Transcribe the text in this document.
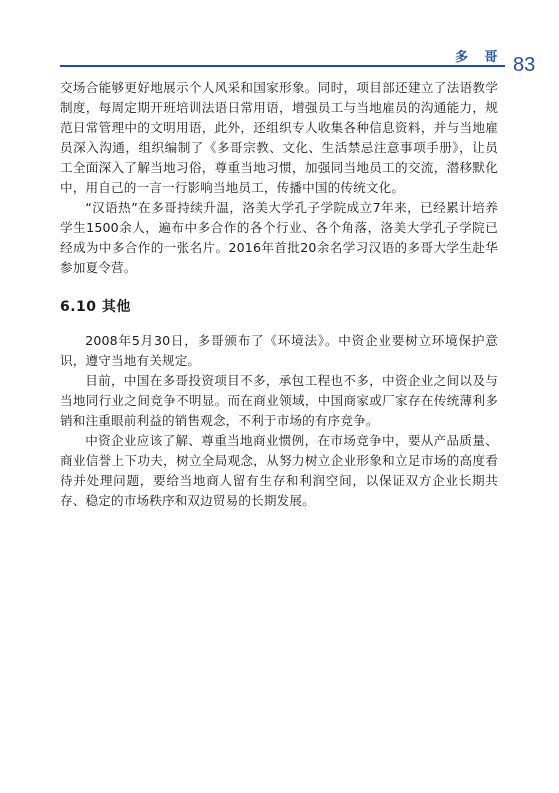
多 哥 83

交场合能够更好地展示个人风采和国家形象。同时，项目部还建立了法语教学制度，每周定期开班培训法语日常用语，增强员工与当地雇员的沟通能力，规范日常管理中的文明用语，此外，还组织专人收集各种信息资料，并与当地雇员深入沟通，组织编制了《多哥宗教、文化、生活禁忌注意事项手册》，让员工全面深入了解当地习俗，尊重当地习惯，加强同当地员工的交流，潜移默化中，用自己的一言一行影响当地员工，传播中国的传统文化。

“汉语热”在多哥持续升温，洛美大学孔子学院成立7年来，已经累计培养学生1500余人，遍布中多合作的各个行业、各个角落，洛美大学孔子学院已经成为中多合作的一张名片。2016年首批20余名学习汉语的多哥大学生赴华参加夏令营。

6.10 其他

2008年5月30日，多哥颁布了《环境法》。中资企业要树立环境保护意识，遵守当地有关规定。

目前，中国在多哥投资项目不多，承包工程也不多，中资企业之间以及与当地同行业之间竞争不明显。而在商业领域，中国商家或厂家存在传统薄利多销和注重眼前利益的销售观念，不利于市场的有序竞争。

中资企业应该了解、尊重当地商业惯例，在市场竞争中，要从产品质量、商业信誉上下功夫，树立全局观念，从努力树立企业形象和立足市场的高度看待并处理问题，要给当地商人留有生存和利润空间，以保证双方企业长期共存、稳定的市场秩序和双边贸易的长期发展。
